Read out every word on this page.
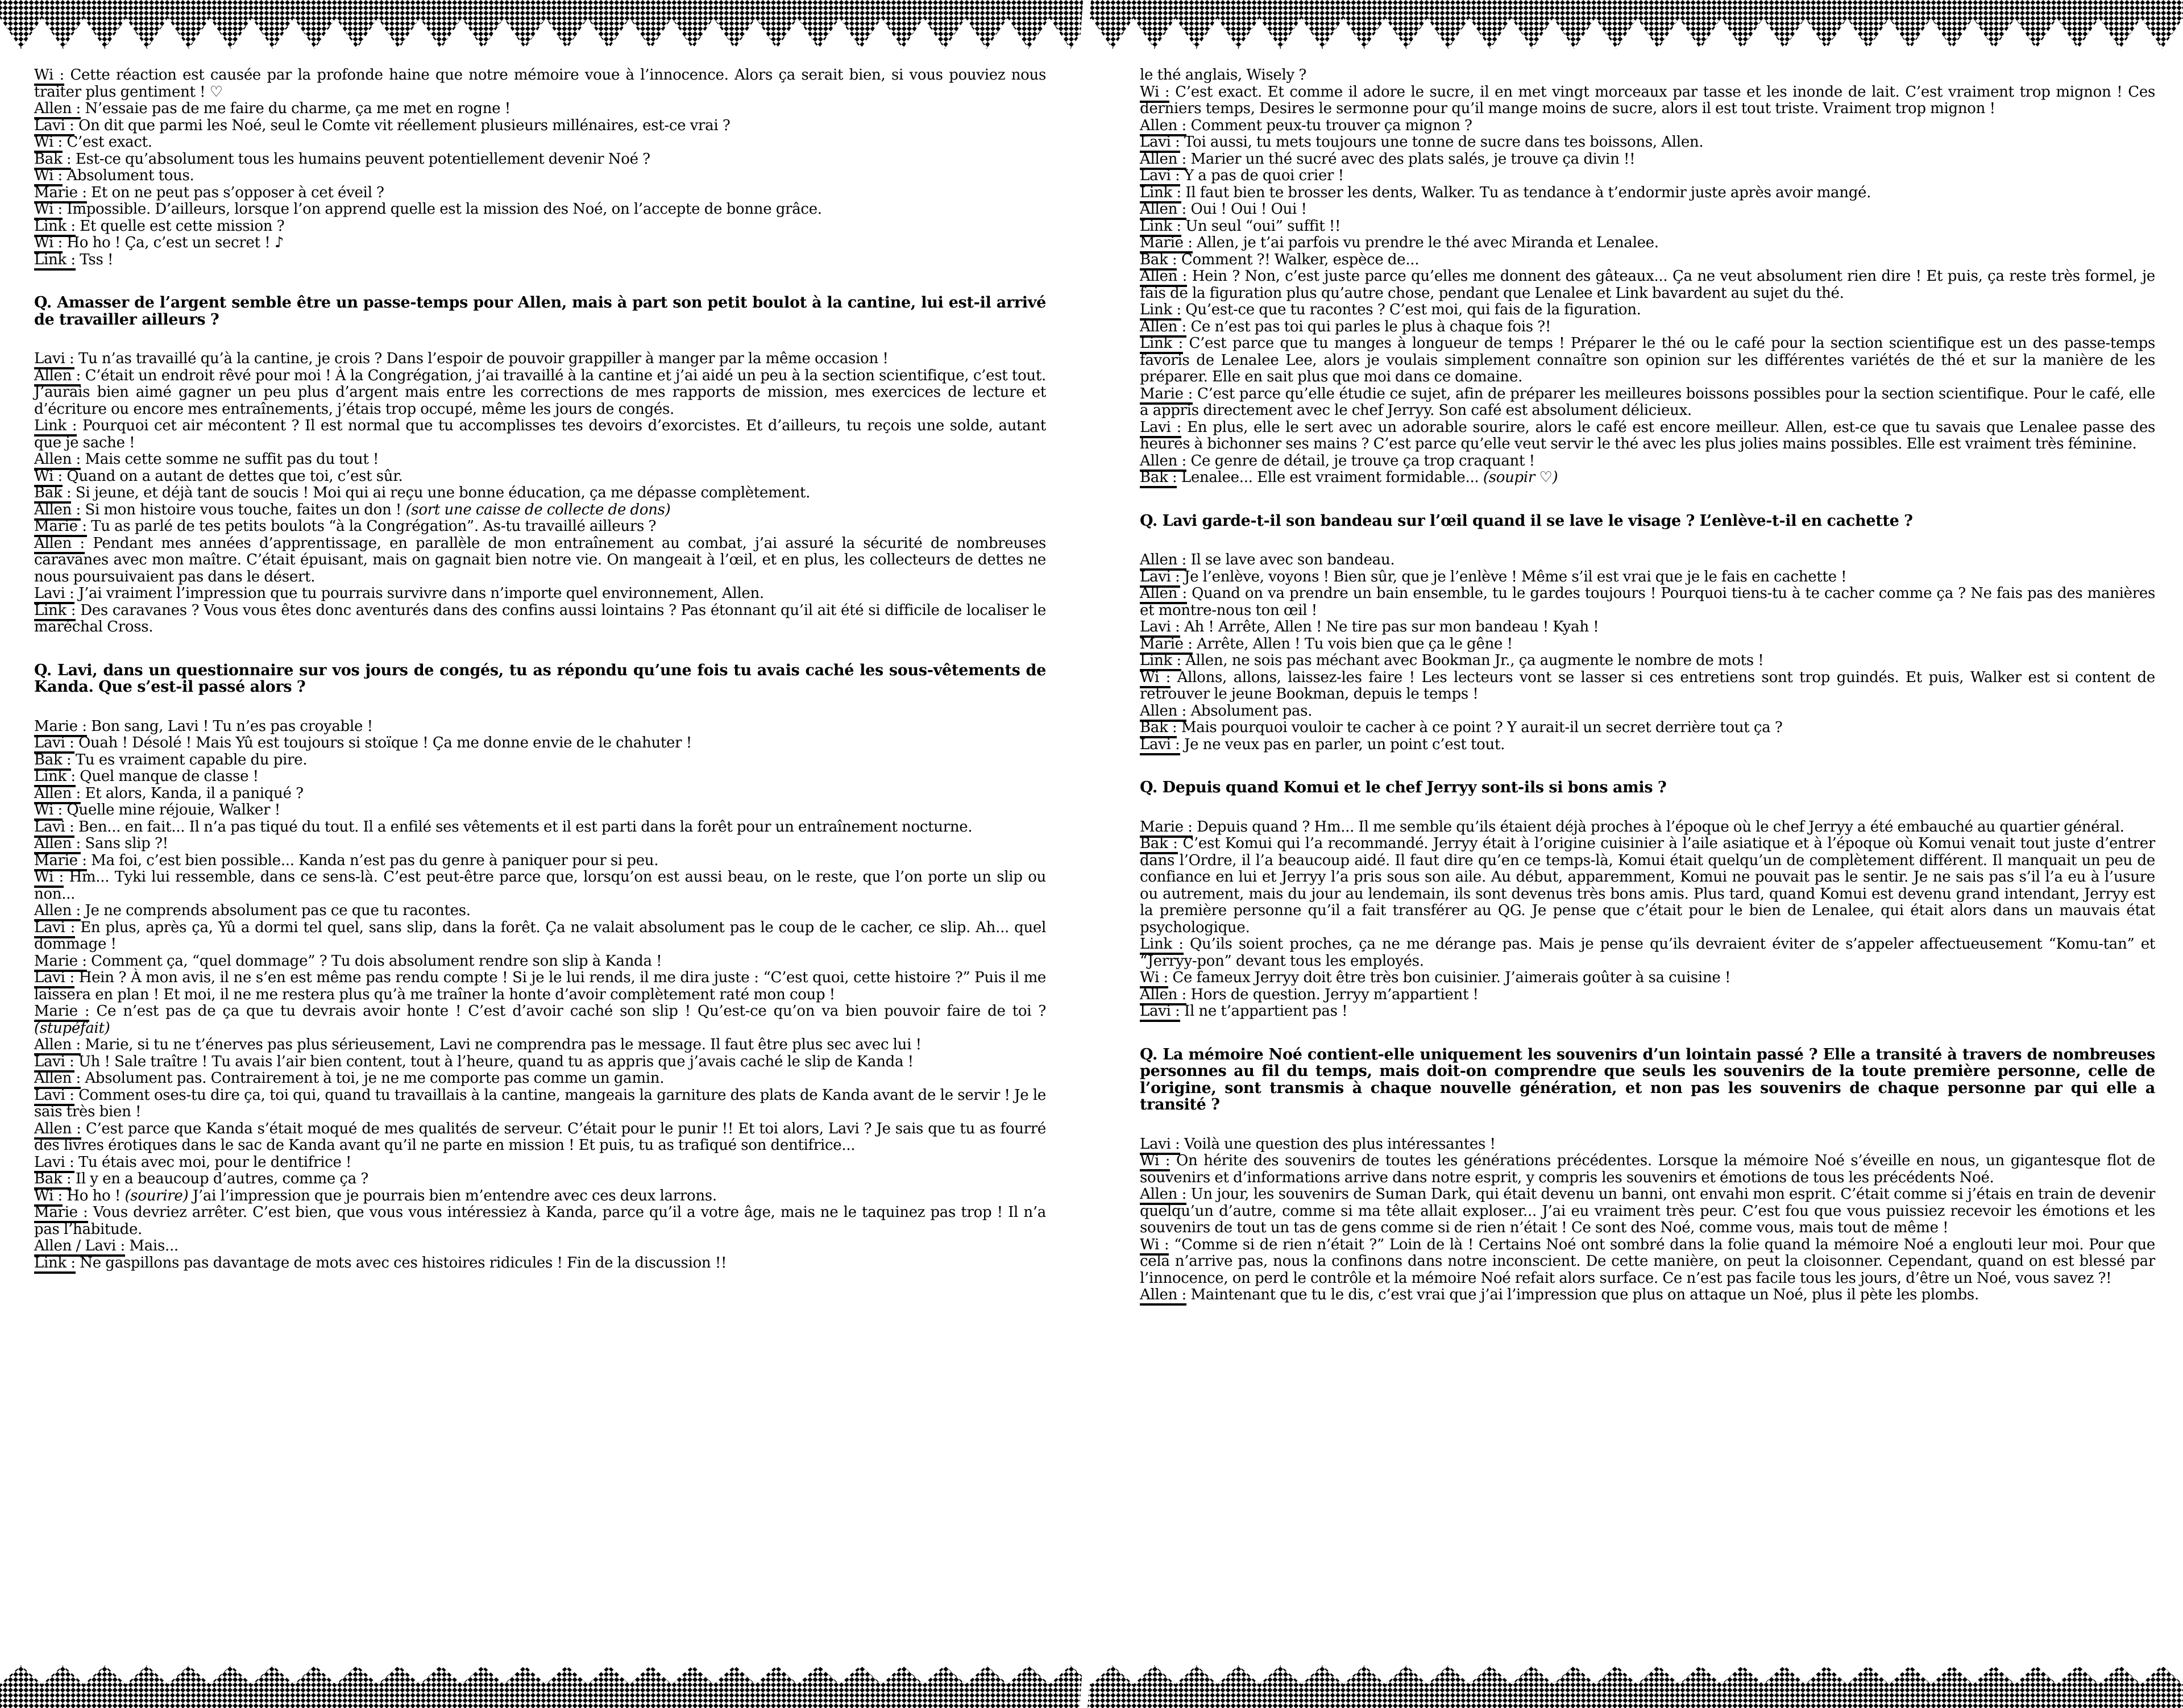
Wi : Cette réaction est causée par la profonde haine que notre mémoire voue à l’innocence. Alors ça serait bien, si vous pouviez nous traiter plus gentiment ! ♡

Allen : N’essaie pas de me faire du charme, ça me met en rogne !

Lavi : On dit que parmi les Noé, seul le Comte vit réellement plusieurs millénaires, est-ce vrai ?

Wi : C’est exact.

Bak : Est-ce qu’absolument tous les humains peuvent potentiellement devenir Noé ?

Wi : Absolument tous.

Marie : Et on ne peut pas s’opposer à cet éveil ?

Wi : Impossible. D’ailleurs, lorsque l’on apprend quelle est la mission des Noé, on l’accepte de bonne grâce.

Link : Et quelle est cette mission ?

Wi : Ho ho ! Ça, c’est un secret ! ♪

Link : Tss !

Q. Amasser de l’argent semble être un passe-temps pour Allen, mais à part son petit boulot à la cantine, lui est-il arrivé de travailler ailleurs ?

Lavi : Tu n’as travaillé qu’à la cantine, je crois ? Dans l’espoir de pouvoir grappiller à manger par la même occasion !

Allen : C’était un endroit rêvé pour moi ! À la Congrégation, j’ai travaillé à la cantine et j’ai aidé un peu à la section scientifique, c’est tout. J’aurais bien aimé gagner un peu plus d’argent mais entre les corrections de mes rapports de mission, mes exercices de lecture et d’écriture ou encore mes entraînements, j’étais trop occupé, même les jours de congés.

Link : Pourquoi cet air mécontent ? Il est normal que tu accomplisses tes devoirs d’exorcistes. Et d’ailleurs, tu reçois une solde, autant que je sache !

Allen : Mais cette somme ne suffit pas du tout !

Wi : Quand on a autant de dettes que toi, c’est sûr.

Bak : Si jeune, et déjà tant de soucis ! Moi qui ai reçu une bonne éducation, ça me dépasse complètement.

Allen : Si mon histoire vous touche, faites un don ! (sort une caisse de collecte de dons)

Marie : Tu as parlé de tes petits boulots “à la Congrégation”. As-tu travaillé ailleurs ?

Allen : Pendant mes années d’apprentissage, en parallèle de mon entraînement au combat, j’ai assuré la sécurité de nombreuses caravanes avec mon maître. C’était épuisant, mais on gagnait bien notre vie. On mangeait à l’œil, et en plus, les collecteurs de dettes ne nous poursuivaient pas dans le désert.

Lavi : J’ai vraiment l’impression que tu pourrais survivre dans n’importe quel environnement, Allen.

Link : Des caravanes ? Vous vous êtes donc aventurés dans des confins aussi lointains ? Pas étonnant qu’il ait été si difficile de localiser le maréchal Cross.

Q. Lavi, dans un questionnaire sur vos jours de congés, tu as répondu qu’une fois tu avais caché les sous-vêtements de Kanda. Que s’est-il passé alors ?

Marie : Bon sang, Lavi ! Tu n’es pas croyable !

Lavi : Ouah ! Désolé ! Mais Yû est toujours si stoïque ! Ça me donne envie de le chahuter !

Bak : Tu es vraiment capable du pire.

Link : Quel manque de classe !

Allen : Et alors, Kanda, il a paniqué ?

Wi : Quelle mine réjouie, Walker !

Lavi : Ben... en fait... Il n’a pas tiqué du tout. Il a enfilé ses vêtements et il est parti dans la forêt pour un entraînement nocturne.

Allen : Sans slip ?!

Marie : Ma foi, c’est bien possible... Kanda n’est pas du genre à paniquer pour si peu.

Wi : Hm... Tyki lui ressemble, dans ce sens-là. C’est peut-être parce que, lorsqu’on est aussi beau, on le reste, que l’on porte un slip ou non...

Allen : Je ne comprends absolument pas ce que tu racontes.

Lavi : En plus, après ça, Yû a dormi tel quel, sans slip, dans la forêt. Ça ne valait absolument pas le coup de le cacher, ce slip. Ah... quel dommage !

Marie : Comment ça, “quel dommage” ? Tu dois absolument rendre son slip à Kanda !

Lavi : Hein ? À mon avis, il ne s’en est même pas rendu compte ! Si je le lui rends, il me dira juste : “C’est quoi, cette histoire ?” Puis il me laissera en plan ! Et moi, il ne me restera plus qu’à me traîner la honte d’avoir complètement raté mon coup !

Marie : Ce n’est pas de ça que tu devrais avoir honte ! C’est d’avoir caché son slip ! Qu’est-ce qu’on va bien pouvoir faire de toi ? (stupéfait)

Allen : Marie, si tu ne t’énerves pas plus sérieusement, Lavi ne comprendra pas le message. Il faut être plus sec avec lui !

Lavi : Uh ! Sale traître ! Tu avais l’air bien content, tout à l’heure, quand tu as appris que j’avais caché le slip de Kanda !

Allen : Absolument pas. Contrairement à toi, je ne me comporte pas comme un gamin.

Lavi : Comment oses-tu dire ça, toi qui, quand tu travaillais à la cantine, mangeais la garniture des plats de Kanda avant de le servir ! Je le sais très bien !

Allen : C’est parce que Kanda s’était moqué de mes qualités de serveur. C’était pour le punir !! Et toi alors, Lavi ? Je sais que tu as fourré des livres érotiques dans le sac de Kanda avant qu’il ne parte en mission ! Et puis, tu as trafiqué son dentifrice...

Lavi : Tu étais avec moi, pour le dentifrice !

Bak : Il y en a beaucoup d’autres, comme ça ?

Wi : Ho ho ! (sourire) J’ai l’impression que je pourrais bien m’entendre avec ces deux larrons.

Marie : Vous devriez arrêter. C’est bien, que vous vous intéressiez à Kanda, parce qu’il a votre âge, mais ne le taquinez pas trop ! Il n’a pas l’habitude.

Allen / Lavi : Mais...

Link : Ne gaspillons pas davantage de mots avec ces histoires ridicules ! Fin de la discussion !!

le thé anglais, Wisely ?

Wi : C’est exact. Et comme il adore le sucre, il en met vingt morceaux par tasse et les inonde de lait. C’est vraiment trop mignon ! Ces derniers temps, Desires le sermonne pour qu’il mange moins de sucre, alors il est tout triste. Vraiment trop mignon !

Allen : Comment peux-tu trouver ça mignon ?

Lavi : Toi aussi, tu mets toujours une tonne de sucre dans tes boissons, Allen.

Allen : Marier un thé sucré avec des plats salés, je trouve ça divin !!

Lavi : Y a pas de quoi crier !

Link : Il faut bien te brosser les dents, Walker. Tu as tendance à t’endormir juste après avoir mangé.

Allen : Oui ! Oui ! Oui !

Link : Un seul “oui” suffit !!

Marie : Allen, je t’ai parfois vu prendre le thé avec Miranda et Lenalee.

Bak : Comment ?! Walker, espèce de...

Allen : Hein ? Non, c’est juste parce qu’elles me donnent des gâteaux... Ça ne veut absolument rien dire ! Et puis, ça reste très formel, je fais de la figuration plus qu’autre chose, pendant que Lenalee et Link bavardent au sujet du thé.

Link : Qu’est-ce que tu racontes ? C’est moi, qui fais de la figuration.

Allen : Ce n’est pas toi qui parles le plus à chaque fois ?!

Link : C’est parce que tu manges à longueur de temps ! Préparer le thé ou le café pour la section scientifique est un des passe-temps favoris de Lenalee Lee, alors je voulais simplement connaître son opinion sur les différentes variétés de thé et sur la manière de les préparer. Elle en sait plus que moi dans ce domaine.

Marie : C’est parce qu’elle étudie ce sujet, afin de préparer les meilleures boissons possibles pour la section scientifique. Pour le café, elle a appris directement avec le chef Jerryy. Son café est absolument délicieux.

Lavi : En plus, elle le sert avec un adorable sourire, alors le café est encore meilleur. Allen, est-ce que tu savais que Lenalee passe des heures à bichonner ses mains ? C’est parce qu’elle veut servir le thé avec les plus jolies mains possibles. Elle est vraiment très féminine.

Allen : Ce genre de détail, je trouve ça trop craquant !

Bak : Lenalee... Elle est vraiment formidable... (soupir ♡)

Q. Lavi garde-t-il son bandeau sur l’œil quand il se lave le visage ? L’enlève-t-il en cachette ?

Allen : Il se lave avec son bandeau.

Lavi : Je l’enlève, voyons ! Bien sûr, que je l’enlève ! Même s’il est vrai que je le fais en cachette !

Allen : Quand on va prendre un bain ensemble, tu le gardes toujours ! Pourquoi tiens-tu à te cacher comme ça ? Ne fais pas des manières et montre-nous ton œil !

Lavi : Ah ! Arrête, Allen ! Ne tire pas sur mon bandeau ! Kyah !

Marie : Arrête, Allen ! Tu vois bien que ça le gêne !

Link : Allen, ne sois pas méchant avec Bookman Jr., ça augmente le nombre de mots !

Wi : Allons, allons, laissez-les faire ! Les lecteurs vont se lasser si ces entretiens sont trop guindés. Et puis, Walker est si content de retrouver le jeune Bookman, depuis le temps !

Allen : Absolument pas.

Bak : Mais pourquoi vouloir te cacher à ce point ? Y aurait-il un secret derrière tout ça ?

Lavi : Je ne veux pas en parler, un point c’est tout.

Q. Depuis quand Komui et le chef Jerryy sont-ils si bons amis ?

Marie : Depuis quand ? Hm... Il me semble qu’ils étaient déjà proches à l’époque où le chef Jerryy a été embauché au quartier général.

Bak : C’est Komui qui l’a recommandé. Jerryy était à l’origine cuisinier à l’aile asiatique et à l’époque où Komui venait tout juste d’entrer dans l’Ordre, il l’a beaucoup aidé. Il faut dire qu’en ce temps-là, Komui était quelqu’un de complètement différent. Il manquait un peu de confiance en lui et Jerryy l’a pris sous son aile. Au début, apparemment, Komui ne pouvait pas le sentir. Je ne sais pas s’il l’a eu à l’usure ou autrement, mais du jour au lendemain, ils sont devenus très bons amis. Plus tard, quand Komui est devenu grand intendant, Jerryy est la première personne qu’il a fait transférer au QG. Je pense que c’était pour le bien de Lenalee, qui était alors dans un mauvais état psychologique.

Link : Qu’ils soient proches, ça ne me dérange pas. Mais je pense qu’ils devraient éviter de s’appeler affectueusement “Komu-tan” et “Jerryy-pon” devant tous les employés.

Wi : Ce fameux Jerryy doit être très bon cuisinier. J’aimerais goûter à sa cuisine !

Allen : Hors de question. Jerryy m’appartient !

Lavi : Il ne t’appartient pas !

Q. La mémoire Noé contient-elle uniquement les souvenirs d’un lointain passé ? Elle a transité à travers de nombreuses personnes au fil du temps, mais doit-on comprendre que seuls les souvenirs de la toute première personne, celle de l’origine, sont transmis à chaque nouvelle génération, et non pas les souvenirs de chaque personne par qui elle a transité ?

Lavi : Voilà une question des plus intéressantes !

Wi : On hérite des souvenirs de toutes les générations précédentes. Lorsque la mémoire Noé s’éveille en nous, un gigantesque flot de souvenirs et d’informations arrive dans notre esprit, y compris les souvenirs et émotions de tous les précédents Noé.

Allen : Un jour, les souvenirs de Suman Dark, qui était devenu un banni, ont envahi mon esprit. C’était comme si j’étais en train de devenir quelqu’un d’autre, comme si ma tête allait exploser... J’ai eu vraiment très peur. C’est fou que vous puissiez recevoir les émotions et les souvenirs de tout un tas de gens comme si de rien n’était ! Ce sont des Noé, comme vous, mais tout de même !

Wi : “Comme si de rien n’était ?” Loin de là ! Certains Noé ont sombré dans la folie quand la mémoire Noé a englouti leur moi. Pour que cela n’arrive pas, nous la confinons dans notre inconscient. De cette manière, on peut la cloisonner. Cependant, quand on est blessé par l’innocence, on perd le contrôle et la mémoire Noé refait alors surface. Ce n’est pas facile tous les jours, d’être un Noé, vous savez ?!

Allen : Maintenant que tu le dis, c’est vrai que j’ai l’impression que plus on attaque un Noé, plus il pète les plombs.
